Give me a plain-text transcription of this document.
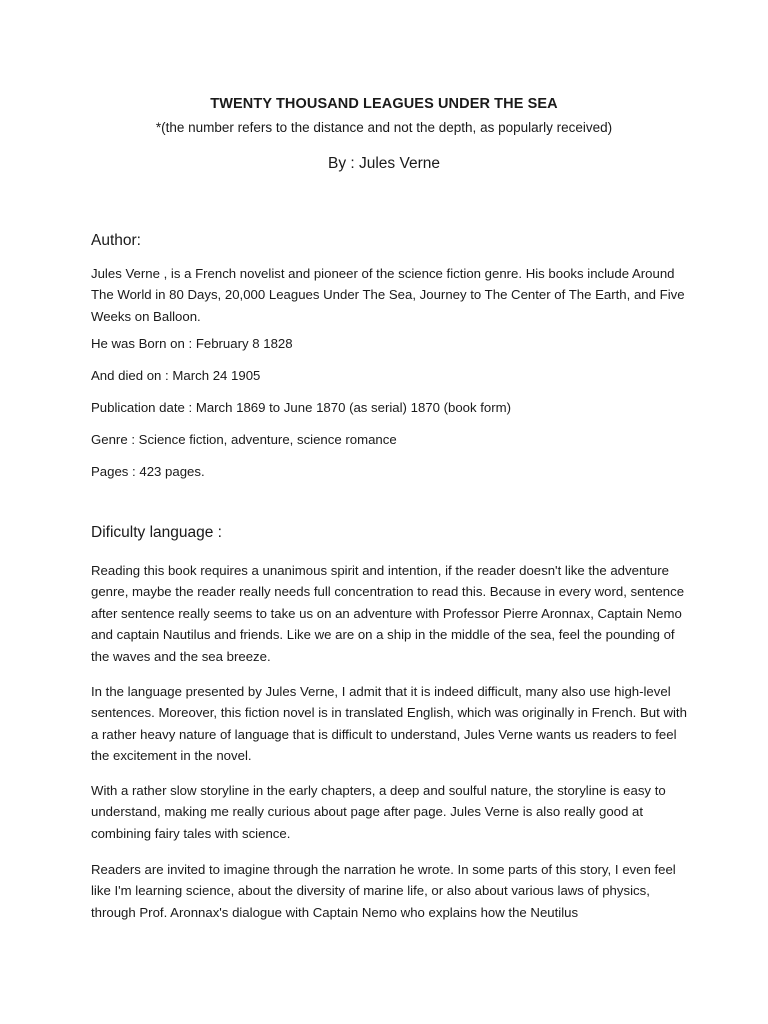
TWENTY THOUSAND LEAGUES UNDER THE SEA
*(the number refers to the distance and not the depth, as popularly received)
By : Jules Verne
Author:
Jules Verne , is a French novelist and pioneer of the science fiction genre. His books include Around The World in 80 Days, 20,000 Leagues Under The Sea, Journey to The Center of The Earth, and Five Weeks on Balloon.
He was Born on : February 8 1828
And died on : March 24 1905
Publication date : March 1869 to June 1870 (as serial) 1870 (book form)
Genre : Science fiction, adventure, science romance
Pages : 423 pages.
Dificulty language :
Reading this book requires a unanimous spirit and intention, if the reader doesn't like the adventure genre, maybe the reader really needs full concentration to read this. Because in every word, sentence after sentence really seems to take us on an adventure with Professor Pierre Aronnax, Captain Nemo and captain Nautilus and friends. Like we are on a ship in the middle of the sea, feel the pounding of the waves and the sea breeze.
In the language presented by Jules Verne, I admit that it is indeed difficult, many also use high-level sentences. Moreover, this fiction novel is in translated English, which was originally in French. But with a rather heavy nature of language that is difficult to understand, Jules Verne wants us readers to feel the excitement in the novel.
With a rather slow storyline in the early chapters, a deep and soulful nature, the storyline is easy to understand, making me really curious about page after page. Jules Verne is also really good at combining fairy tales with science.
Readers are invited to imagine through the narration he wrote. In some parts of this story, I even feel like I'm learning science, about the diversity of marine life, or also about various laws of physics, through Prof. Aronnax's dialogue with Captain Nemo who explains how the Neutilus
